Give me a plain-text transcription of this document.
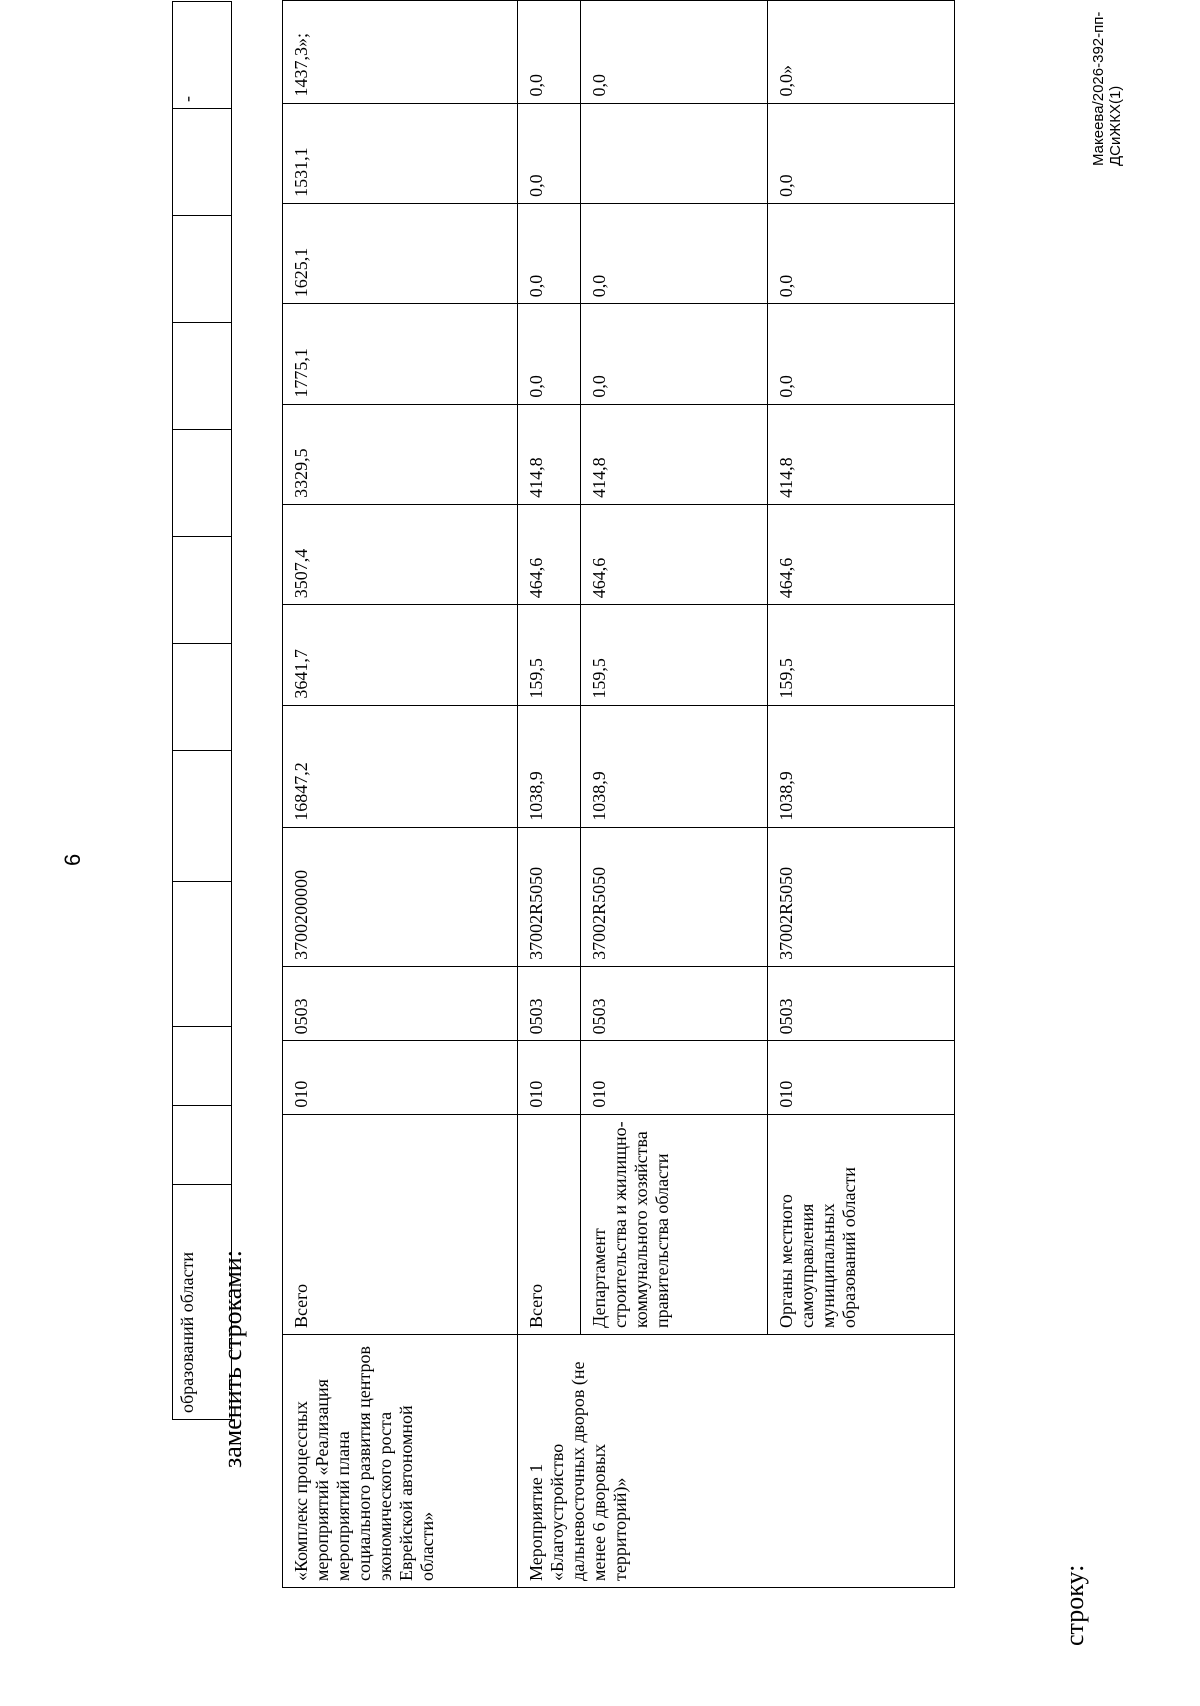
6
образований области											-
заменить строками:
«Комплекс процессных мероприятий «Реализация мероприятий плана социального развития центров экономического роста Еврейской автономной области»	Всего	010	0503	3700200000	16847,2	3641,7	3507,4	3329,5	1775,1	1625,1	1531,1	1437,3»;
Мероприятие 1 «Благоустройство дальневосточных дворов (не менее 6 дворовых территорий)»	Всего	010	0503	37002R5050	1038,9	159,5	464,6	414,8	0,0	0,0	0,0	0,0
	Департамент строительства и жилищно-коммунального хозяйства правительства области	010	0503	37002R5050	1038,9	159,5	464,6	414,8	0,0	0,0		0,0
	Органы местного самоуправления муниципальных образований области	010	0503	37002R5050	1038,9	159,5	464,6	414,8	0,0	0,0	0,0	0,0»
строку:
Макеева/2026-392-пп-ДСиЖКХ(1)
